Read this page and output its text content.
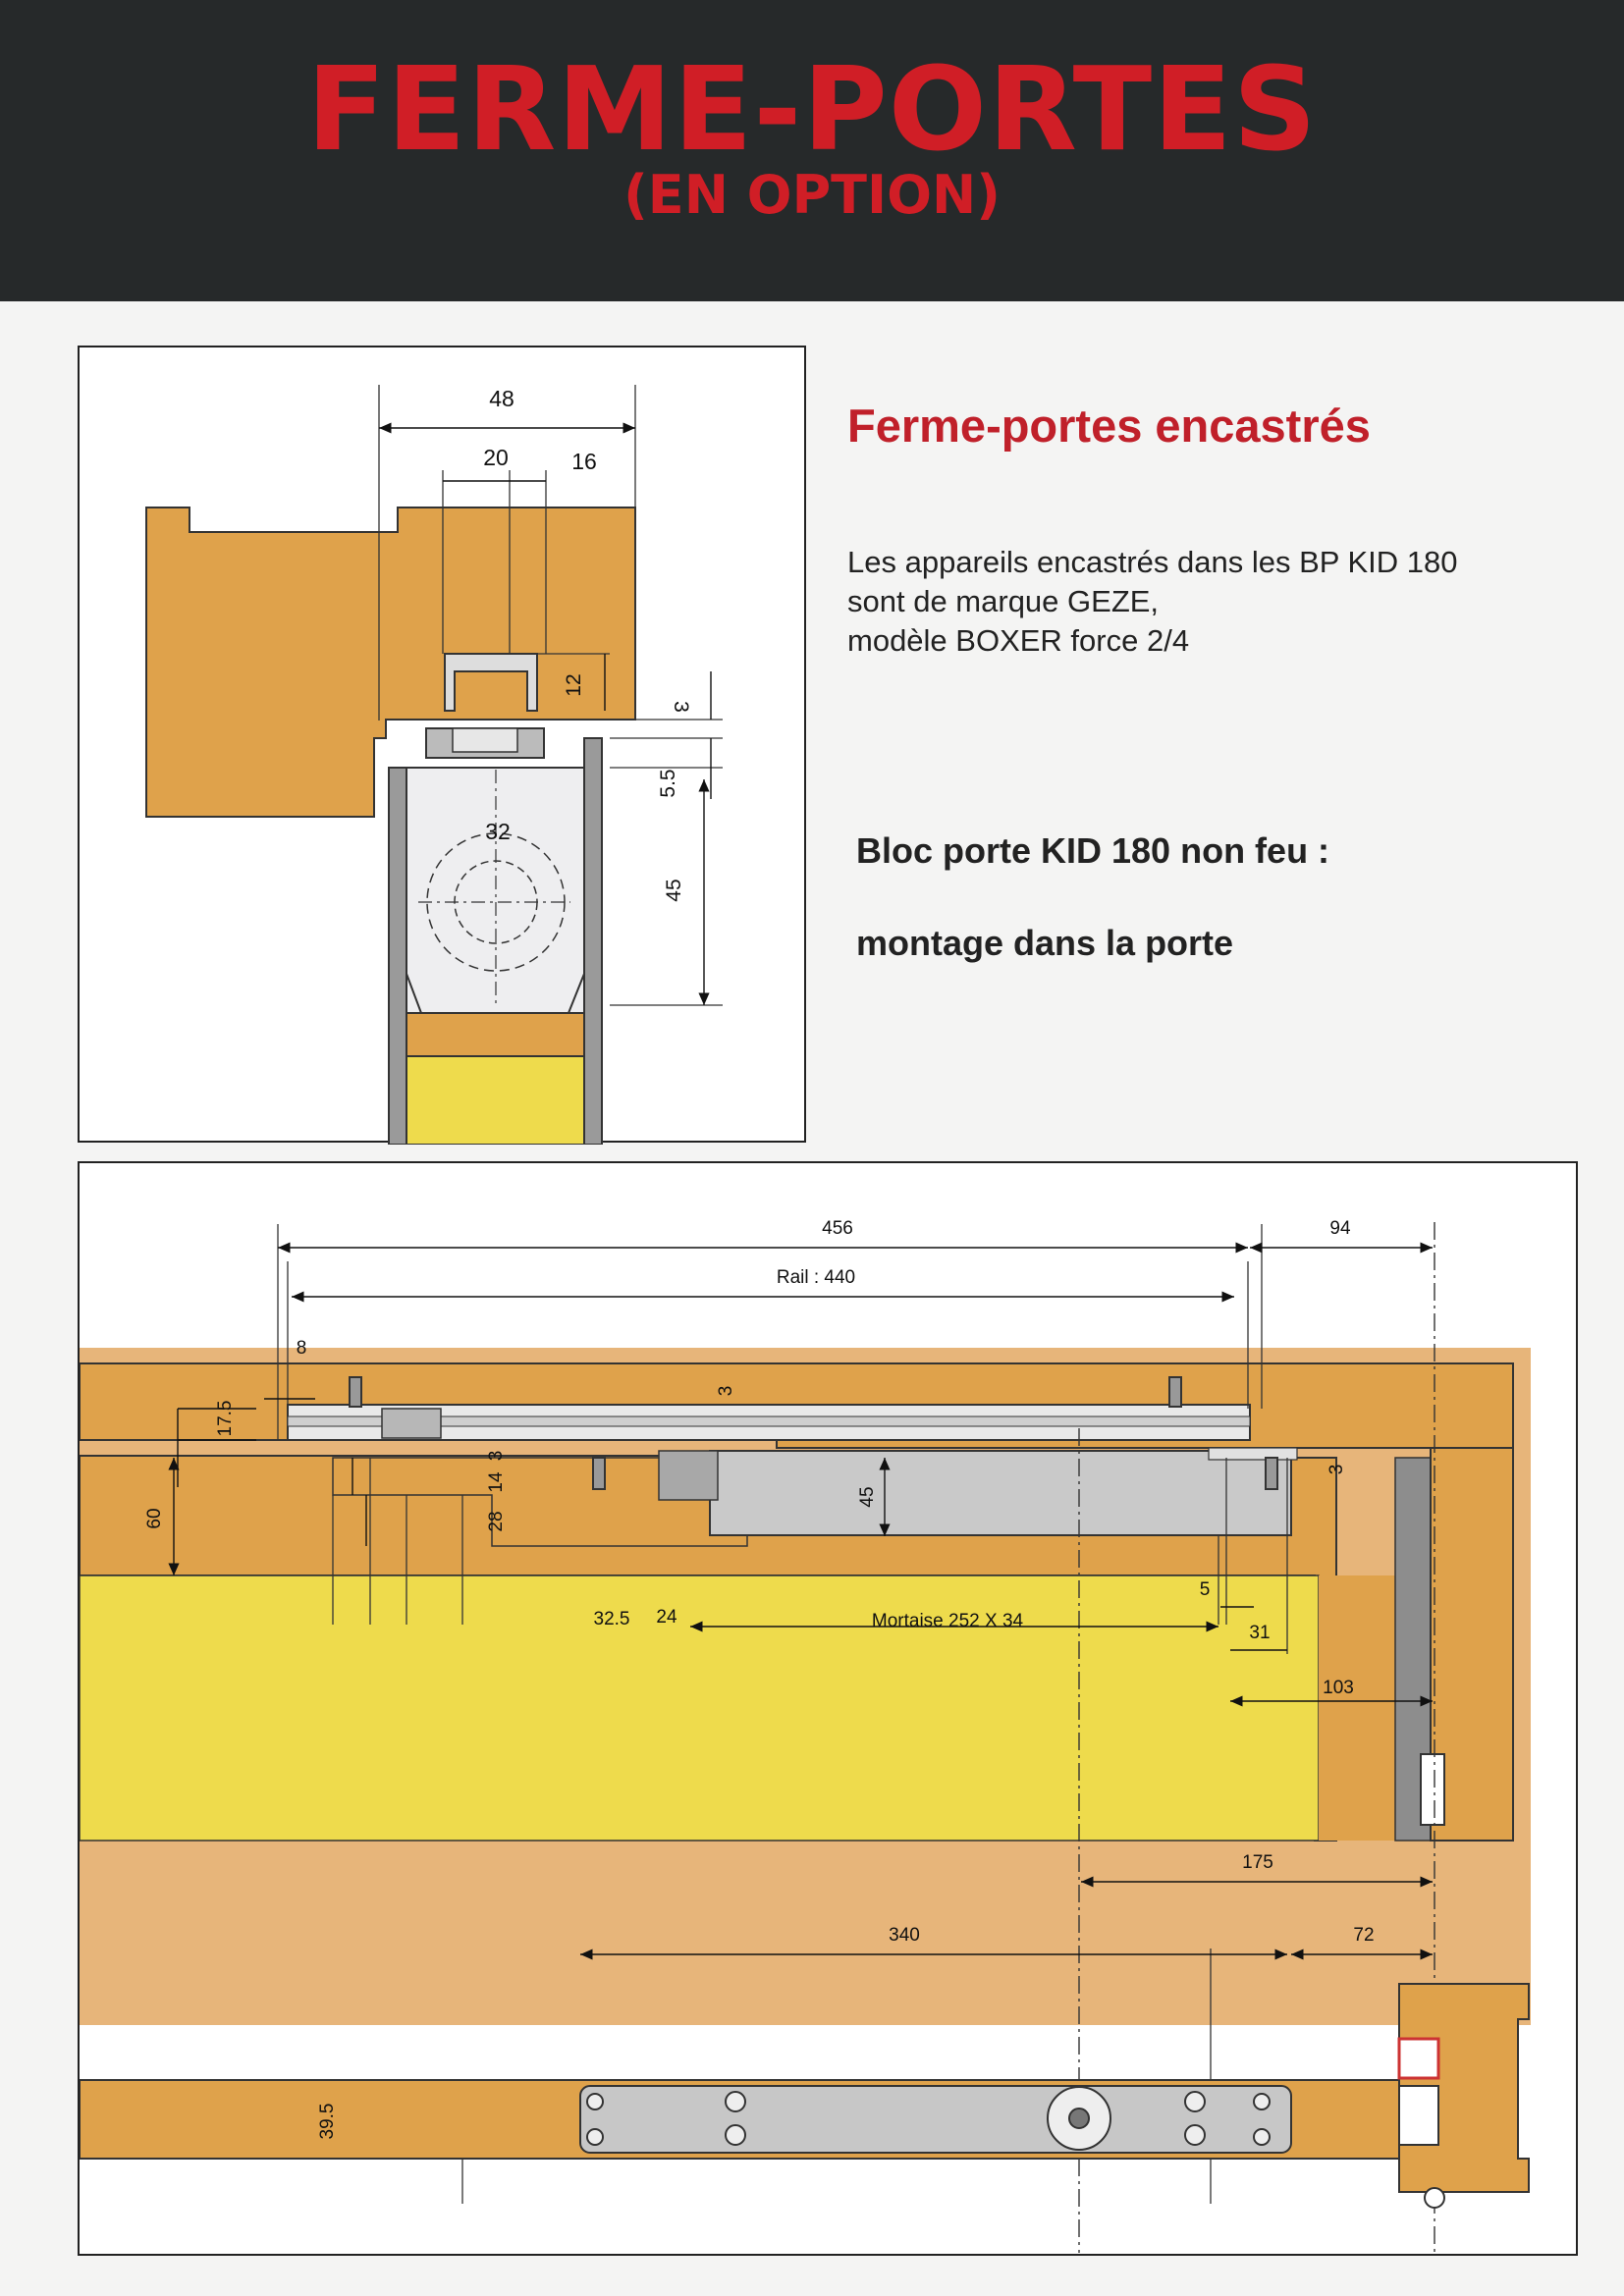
FERME-PORTES
(EN OPTION)
48
20	16
12
3
5.5
45
32
Ferme-portes encastrés
Les appareils encastrés dans les BP KID 180
sont de marque GEZE,
modèle BOXER force 2/4

Bloc porte KID 180 non feu :

montage dans la porte

456	94
Rail : 440
8
3
17.5
3
14
28
45
3
60
32.5 24	Mortaise 252 X 34
5
31
103
175
340	72
39.5
